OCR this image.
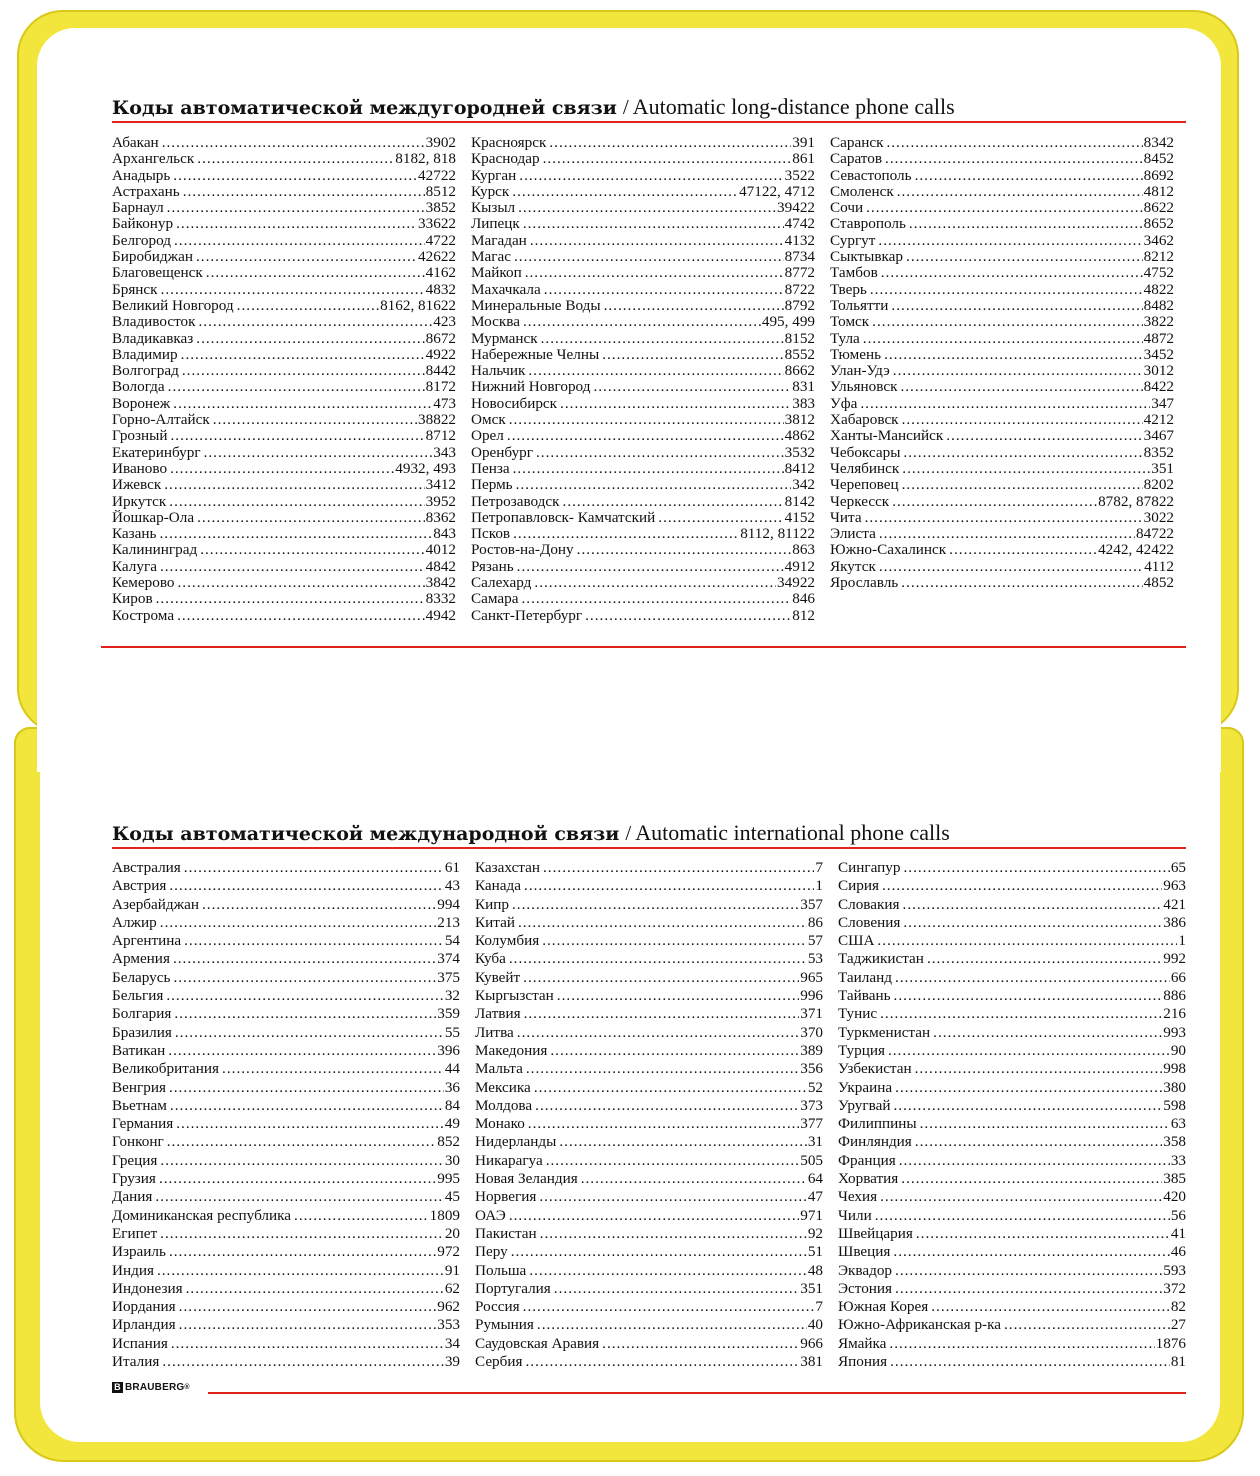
Коды автоматической междугородней связи / Automatic long-distance phone calls
Абакан .....	3902
Архангельск .....	8182, 818
Анадырь .....	42722
Астрахань .....	8512
Барнаул .....	3852
Байконур .....	33622
Белгород .....	4722
Биробиджан .....	42622
Благовещенск .....	4162
Брянск .....	4832
Великий Новгород .....	8162, 81622
Владивосток .....	423
Владикавказ .....	8672
Владимир .....	4922
Волгоград .....	8442
Вологда .....	8172
Воронеж .....	473
Горно-Алтайск .....	38822
Грозный .....	8712
Екатеринбург .....	343
Иваново .....	4932, 493
Ижевск .....	3412
Иркутск .....	3952
Йошкар-Ола .....	8362
Казань .....	843
Калининград .....	4012
Калуга .....	4842
Кемерово .....	3842
Киров .....	8332
Кострома .....	4942
Красноярск .....	391
Краснодар .....	861
Курган .....	3522
Курск .....	47122, 4712
Кызыл .....	39422
Липецк .....	4742
Магадан .....	4132
Магас .....	8734
Майкоп .....	8772
Махачкала .....	8722
Минеральные Воды .....	8792
Москва .....	495, 499
Мурманск .....	8152
Набережные Челны .....	8552
Нальчик .....	8662
Нижний Новгород .....	831
Новосибирск .....	383
Омск .....	3812
Орел .....	4862
Оренбург .....	3532
Пенза .....	8412
Пермь .....	342
Петрозаводск .....	8142
Петропавловск- Камчатский .....	4152
Псков .....	8112, 81122
Ростов-на-Дону .....	863
Рязань .....	4912
Салехард .....	34922
Самара .....	846
Санкт-Петербург .....	812
Саранск .....	8342
Саратов .....	8452
Севастополь .....	8692
Смоленск .....	4812
Сочи .....	8622
Ставрополь .....	8652
Сургут .....	3462
Сыктывкар .....	8212
Тамбов .....	4752
Тверь .....	4822
Тольятти .....	8482
Томск .....	3822
Тула .....	4872
Тюмень .....	3452
Улан-Удэ .....	3012
Ульяновск .....	8422
Уфа .....	347
Хабаровск .....	4212
Ханты-Мансийск .....	3467
Чебоксары .....	8352
Челябинск .....	351
Череповец .....	8202
Черкесск .....	8782, 87822
Чита .....	3022
Элиста .....	84722
Южно-Сахалинск .....	4242, 42422
Якутск .....	4112
Ярославль .....	4852
Коды автоматической международной связи / Automatic international phone calls
Австралия .....	61
Австрия .....	43
Азербайджан .....	994
Алжир .....	213
Аргентина .....	54
Армения .....	374
Беларусь .....	375
Бельгия .....	32
Болгария .....	359
Бразилия .....	55
Ватикан .....	396
Великобритания .....	44
Венгрия .....	36
Вьетнам .....	84
Германия .....	49
Гонконг .....	852
Греция .....	30
Грузия .....	995
Дания .....	45
Доминиканская республика .....	1809
Египет .....	20
Израиль .....	972
Индия .....	91
Индонезия .....	62
Иордания .....	962
Ирландия .....	353
Испания .....	34
Италия .....	39
Казахстан .....	7
Канада .....	1
Кипр .....	357
Китай .....	86
Колумбия .....	57
Куба .....	53
Кувейт .....	965
Кыргызстан .....	996
Латвия .....	371
Литва .....	370
Македония .....	389
Мальта .....	356
Мексика .....	52
Молдова .....	373
Монако .....	377
Нидерланды .....	31
Никарагуа .....	505
Новая Зеландия .....	64
Норвегия .....	47
ОАЭ .....	971
Пакистан .....	92
Перу .....	51
Польша .....	48
Португалия .....	351
Россия .....	7
Румыния .....	40
Саудовская Аравия .....	966
Сербия .....	381
Сингапур .....	65
Сирия .....	963
Словакия .....	421
Словения .....	386
США .....	1
Таджикистан .....	992
Таиланд .....	66
Тайвань .....	886
Тунис .....	216
Туркменистан .....	993
Турция .....	90
Узбекистан .....	998
Украина .....	380
Уругвай .....	598
Филиппины .....	63
Финляндия .....	358
Франция .....	33
Хорватия .....	385
Чехия .....	420
Чили .....	56
Швейцария .....	41
Швеция .....	46
Эквадор .....	593
Эстония .....	372
Южная Корея .....	82
Южно-Африканская р-ка .....	27
Ямайка .....	1876
Япония .....	81
B BRAUBERG ®
